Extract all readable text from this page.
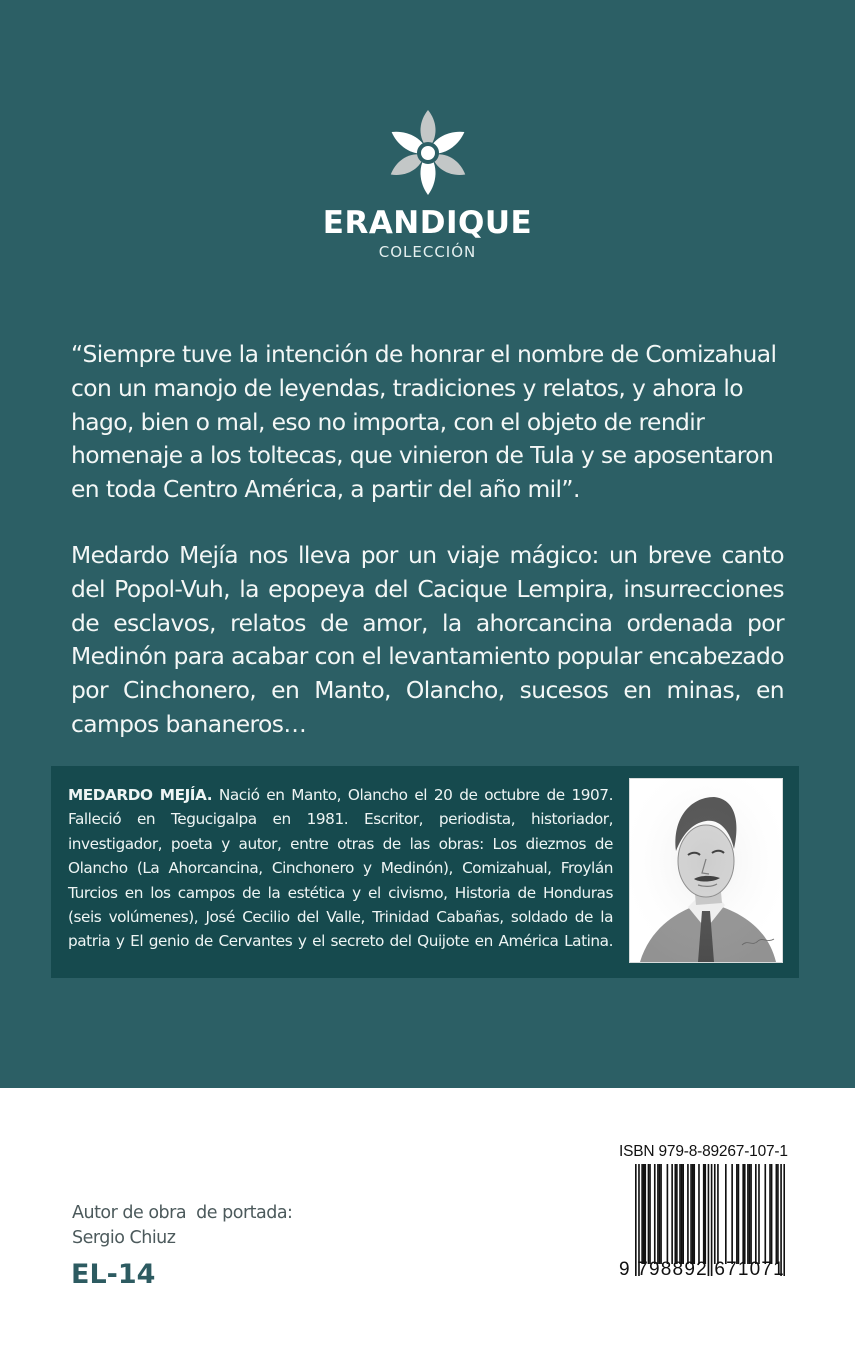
ERANDIQUE
COLECCIÓN

“Siempre tuve la intención de honrar el nombre de Comizahual con un manojo de leyendas, tradiciones y relatos, y ahora lo hago, bien o mal, eso no importa, con el objeto de rendir homenaje a los toltecas, que vinieron de Tula y se aposentaron en toda Centro América, a partir del año mil”.

Medardo Mejía nos lleva por un viaje mágico: un breve canto del Popol-Vuh, la epopeya del Cacique Lempira, insurrecciones de esclavos, relatos de amor, la ahorcancina ordenada por Medinón para acabar con el levantamiento popular encabezado por Cinchonero, en Manto, Olancho, sucesos en minas, en campos bananeros…

MEDARDO MEJÍA. Nació en Manto, Olancho el 20 de octubre de 1907. Falleció en Tegucigalpa en 1981. Escritor, periodista, historiador, investigador, poeta y autor, entre otras de las obras: Los diezmos de Olancho (La Ahorcancina, Cinchonero y Medinón), Comizahual, Froylán Turcios en los campos de la estética y el civismo, Historia de Honduras (seis volúmenes), José Cecilio del Valle, Trinidad Cabañas, soldado de la patria y El genio de Cervantes y el secreto del Quijote en América Latina.

Autor de obra  de portada:
Sergio Chiuz
EL-14
ISBN 979-8-89267-107-1
9 798892 671071
